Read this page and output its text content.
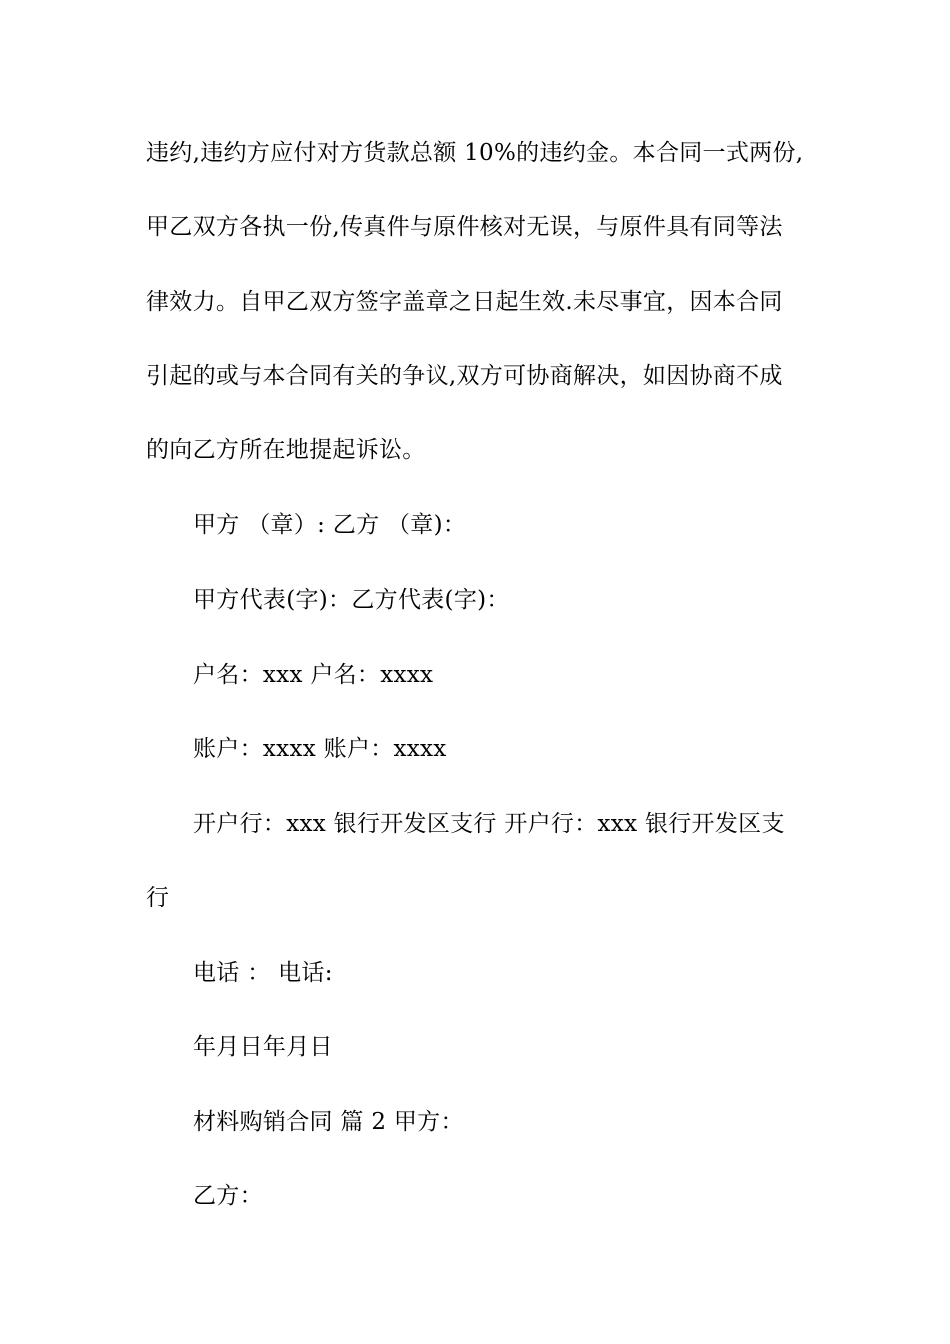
违约,违约方应付对方货款总额 10%的违约金。本合同一式两份,
甲乙双方各执一份,传真件与原件核对无误，与原件具有同等法
律效力。自甲乙双方签字盖章之日起生效.未尽事宜，因本合同
引起的或与本合同有关的争议,双方可协商解决，如因协商不成
的向乙方所在地提起诉讼。
甲方 （章）: 乙方 （章)：
甲方代表(字)：乙方代表(字)：
户名：xxx 户名：xxxx
账户：xxxx 账户：xxxx
开户行：xxx 银行开发区支行 开户行：xxx 银行开发区支
行
电话 ： 电话:
年月日年月日
材料购销合同 篇 2 甲方：
乙方：
